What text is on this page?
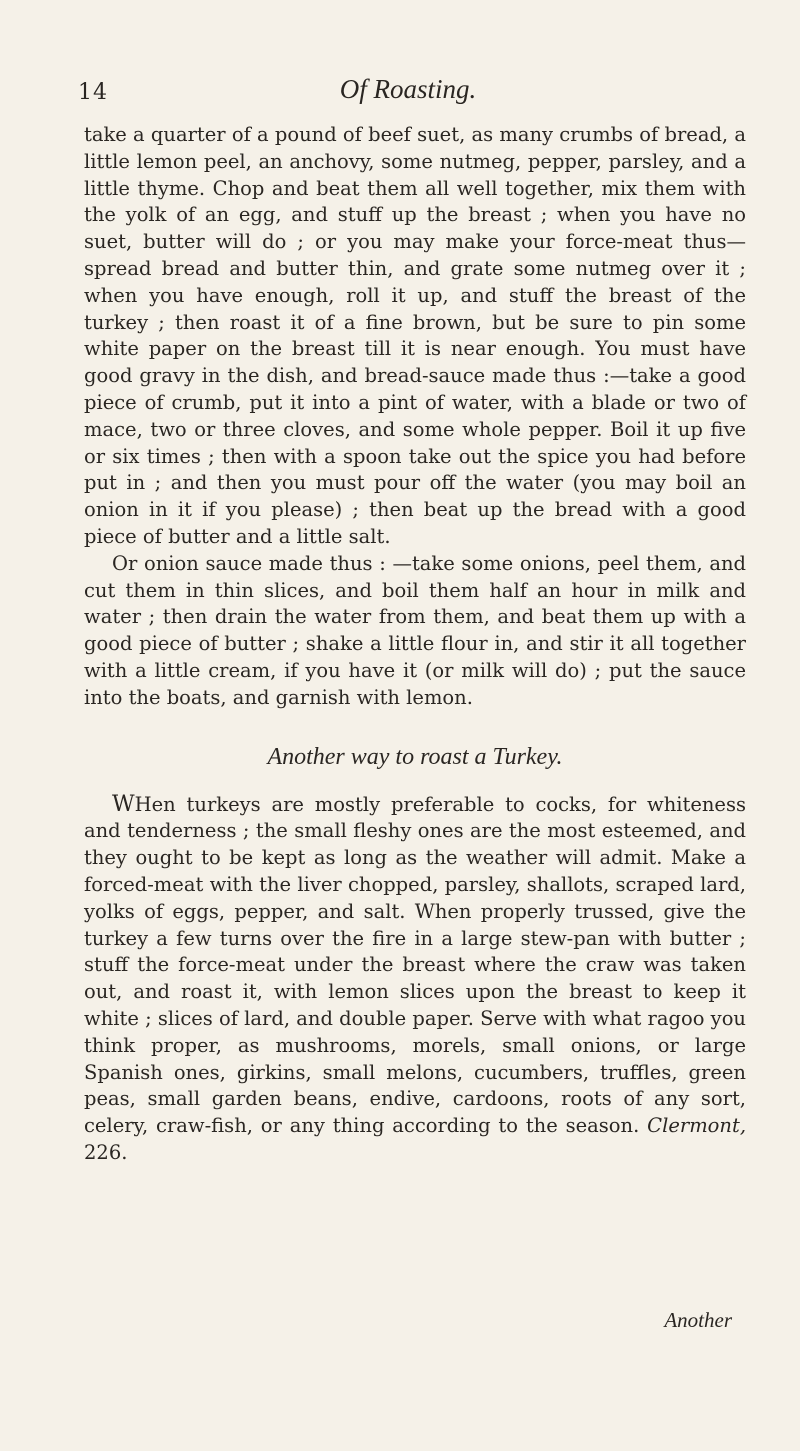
14	Of Roasting.

take a quarter of a pound of beef suet, as many crumbs of bread, a little lemon peel, an anchovy, some nutmeg, pepper, parsley, and a little thyme. Chop and beat them all well together, mix them with the yolk of an egg, and stuff up the breast ; when you have no suet, butter will do ; or you may make your force-meat thus—spread bread and butter thin, and grate some nutmeg over it ; when you have enough, roll it up, and stuff the breast of the turkey ; then roast it of a fine brown, but be sure to pin some white paper on the breast till it is near enough. You must have good gravy in the dish, and bread-sauce made thus :—take a good piece of crumb, put it into a pint of water, with a blade or two of mace, two or three cloves, and some whole pepper. Boil it up five or six times ; then with a spoon take out the spice you had before put in ; and then you must pour off the water (you may boil an onion in it if you please) ; then beat up the bread with a good piece of butter and a little salt.

Or onion sauce made thus : —take some onions, peel them, and cut them in thin slices, and boil them half an hour in milk and water ; then drain the water from them, and beat them up with a good piece of butter ; shake a little flour in, and stir it all together with a little cream, if you have it (or milk will do) ; put the sauce into the boats, and garnish with lemon.

Another way to roast a Turkey.

WHen turkeys are mostly preferable to cocks, for whiteness and tenderness ; the small fleshy ones are the most esteemed, and they ought to be kept as long as the weather will admit. Make a forced-meat with the liver chopped, parsley, shallots, scraped lard, yolks of eggs, pepper, and salt. When properly trussed, give the turkey a few turns over the fire in a large stew-pan with butter ; stuff the force-meat under the breast where the craw was taken out, and roast it, with lemon slices upon the breast to keep it white ; slices of lard, and double paper. Serve with what ragoo you think proper, as mushrooms, morels, small onions, or large Spanish ones, girkins, small melons, cucumbers, truffles, green peas, small garden beans, endive, cardoons, roots of any sort, celery, craw-fish, or any thing according to the season. Clermont, 226.

Another
